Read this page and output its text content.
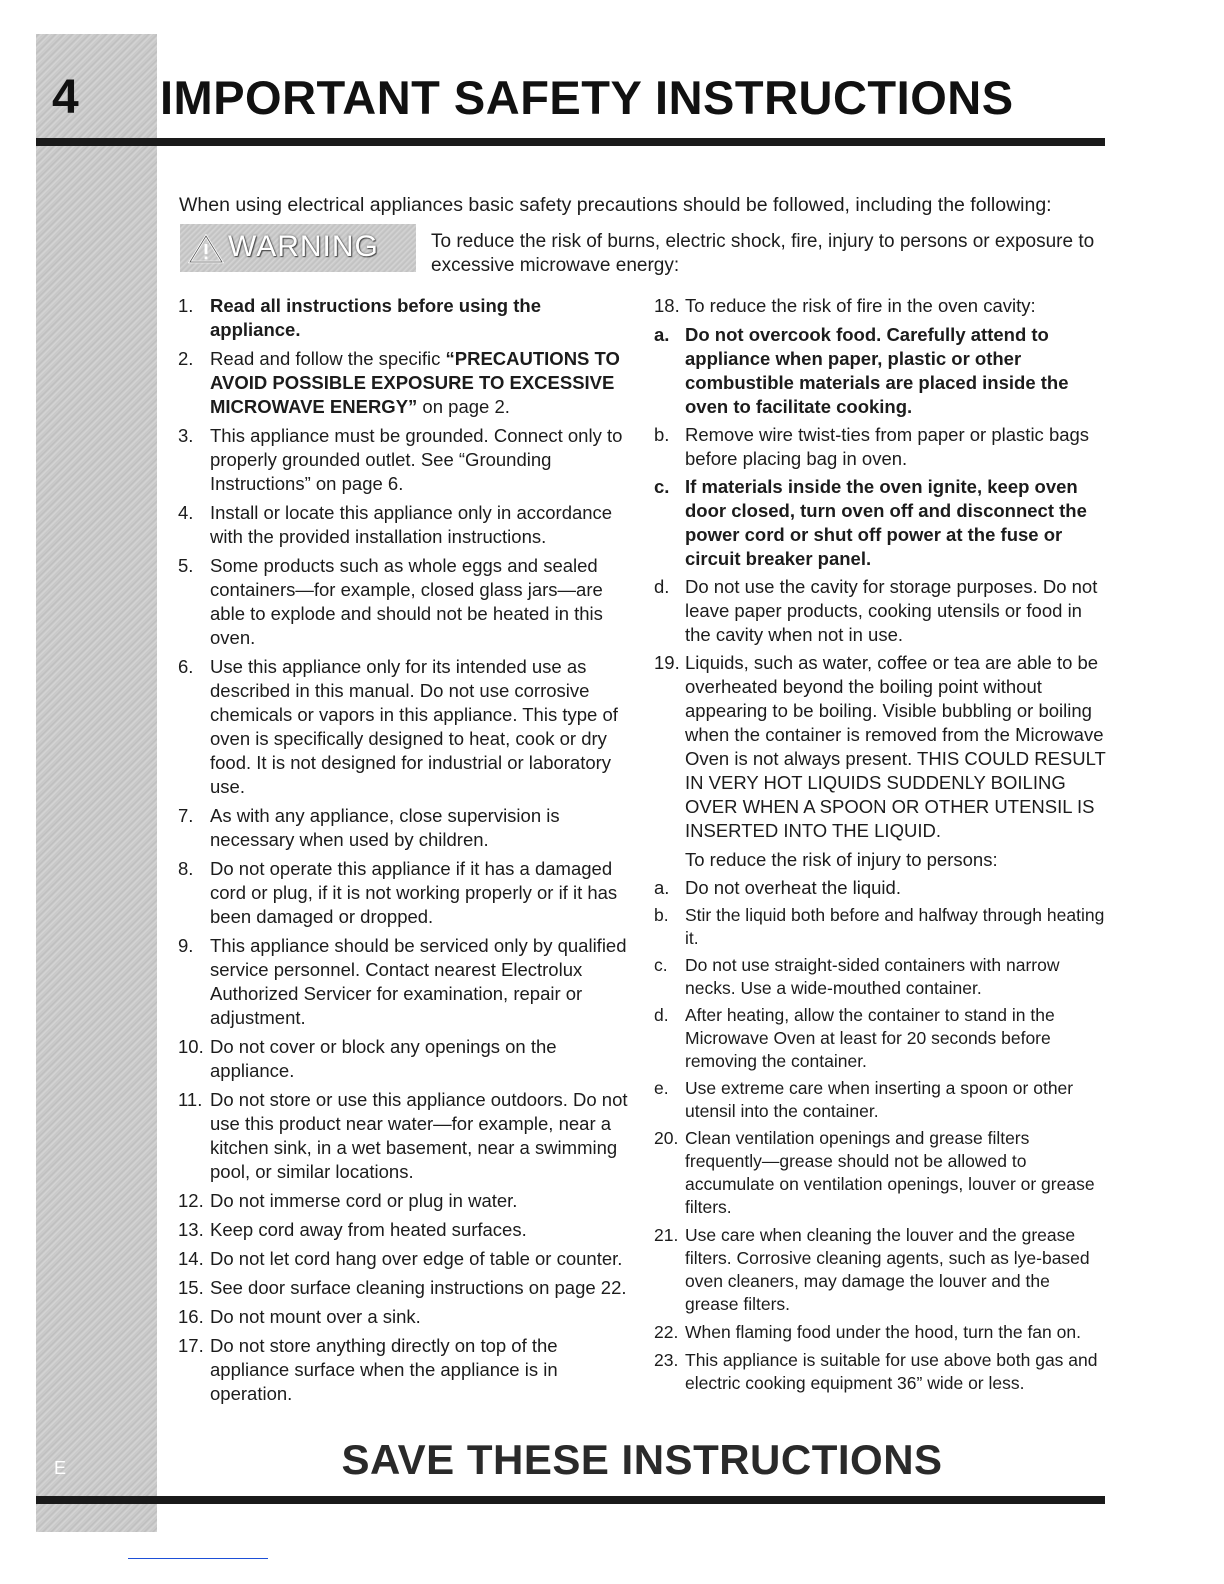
4
E
IMPORTANT SAFETY INSTRUCTIONS

When using electrical appliances basic safety precautions should be followed, including the following:

WARNING	To reduce the risk of burns, electric shock, fire, injury to persons or exposure to excessive microwave energy:

1. Read all instructions before using the appliance.
2. Read and follow the specific “PRECAUTIONS TO AVOID POSSIBLE EXPOSURE TO EXCESSIVE MICROWAVE ENERGY” on page 2.
3. This appliance must be grounded. Connect only to properly grounded outlet. See “Grounding Instructions” on page 6.
4. Install or locate this appliance only in accordance with the provided installation instructions.
5. Some products such as whole eggs and sealed containers—for example, closed glass jars—are able to explode and should not be heated in this oven.
6. Use this appliance only for its intended use as described in this manual. Do not use corrosive chemicals or vapors in this appliance. This type of oven is specifically designed to heat, cook or dry food. It is not designed for industrial or laboratory use.
7. As with any appliance, close supervision is necessary when used by children.
8. Do not operate this appliance if it has a damaged cord or plug, if it is not working properly or if it has been damaged or dropped.
9. This appliance should be serviced only by qualified service personnel. Contact nearest Electrolux Authorized Servicer for examination, repair or adjustment.
10. Do not cover or block any openings on the appliance.
11. Do not store or use this appliance outdoors. Do not use this product near water—for example, near a kitchen sink, in a wet basement, near a swimming pool, or similar locations.
12. Do not immerse cord or plug in water.
13. Keep cord away from heated surfaces.
14. Do not let cord hang over edge of table or counter.
15. See door surface cleaning instructions on page 22.
16. Do not mount over a sink.
17. Do not store anything directly on top of the appliance surface when the appliance is in operation.
18. To reduce the risk of fire in the oven cavity:
a. Do not overcook food. Carefully attend to appliance when paper, plastic or other combustible materials are placed inside the oven to facilitate cooking.
b. Remove wire twist-ties from paper or plastic bags before placing bag in oven.
c. If materials inside the oven ignite, keep oven door closed, turn oven off and disconnect the power cord or shut off power at the fuse or circuit breaker panel.
d. Do not use the cavity for storage purposes. Do not leave paper products, cooking utensils or food in the cavity when not in use.
19. Liquids, such as water, coffee or tea are able to be overheated beyond the boiling point without appearing to be boiling. Visible bubbling or boiling when the container is removed from the Microwave Oven is not always present. THIS COULD RESULT IN VERY HOT LIQUIDS SUDDENLY BOILING OVER WHEN A SPOON OR OTHER UTENSIL IS INSERTED INTO THE LIQUID.
To reduce the risk of injury to persons:
a. Do not overheat the liquid.
b. Stir the liquid both before and halfway through heating it.
c. Do not use straight-sided containers with narrow necks. Use a wide-mouthed container.
d. After heating, allow the container to stand in the Microwave Oven at least for 20 seconds before removing the container.
e. Use extreme care when inserting a spoon or other utensil into the container.
20. Clean ventilation openings and grease filters frequently—grease should not be allowed to accumulate on ventilation openings, louver or grease filters.
21. Use care when cleaning the louver and the grease filters. Corrosive cleaning agents, such as lye-based oven cleaners, may damage the louver and the grease filters.
22. When flaming food under the hood, turn the fan on.
23. This appliance is suitable for use above both gas and electric cooking equipment 36” wide or less.
SAVE THESE INSTRUCTIONS
